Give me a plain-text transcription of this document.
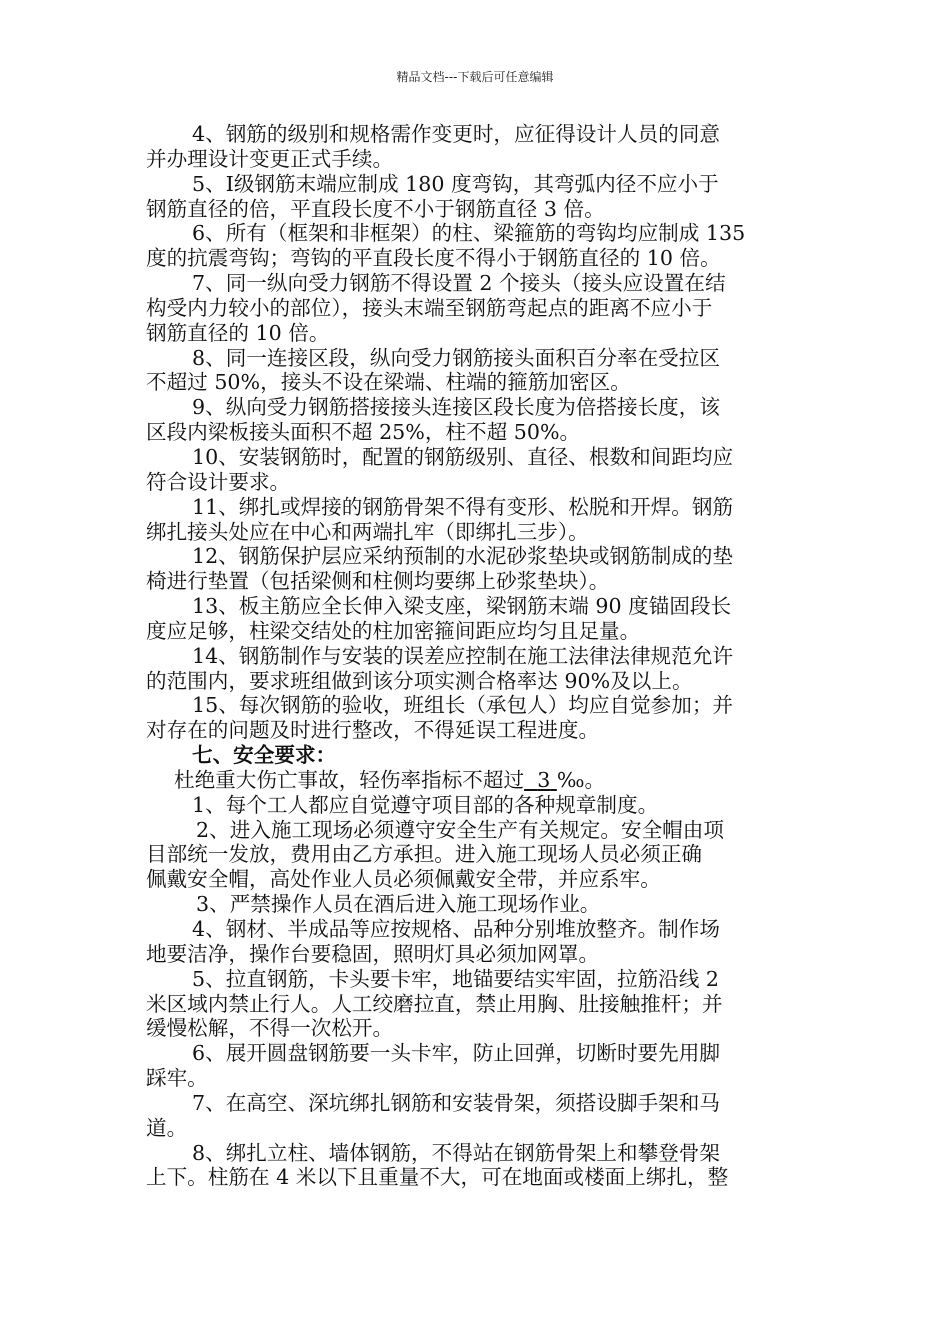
精品文档---下载后可任意编辑

4、钢筋的级别和规格需作变更时，应征得设计人员的同意

并办理设计变更正式手续。

5、Ⅰ级钢筋末端应制成 180 度弯钩，其弯弧内径不应小于

钢筋直径的倍，平直段长度不小于钢筋直径 3 倍。

6、所有（框架和非框架）的柱、梁箍筋的弯钩均应制成 135

度的抗震弯钩；弯钩的平直段长度不得小于钢筋直径的 10 倍。

7、同一纵向受力钢筋不得设置 2 个接头（接头应设置在结

构受内力较小的部位），接头末端至钢筋弯起点的距离不应小于

钢筋直径的 10 倍。

8、同一连接区段，纵向受力钢筋接头面积百分率在受拉区

不超过 50%，接头不设在梁端、柱端的箍筋加密区。

9、纵向受力钢筋搭接接头连接区段长度为倍搭接长度，该

区段内梁板接头面积不超 25%，柱不超 50%。

10、安装钢筋时，配置的钢筋级别、直径、根数和间距均应

符合设计要求。

11、绑扎或焊接的钢筋骨架不得有变形、松脱和开焊。钢筋

绑扎接头处应在中心和两端扎牢（即绑扎三步）。

12、钢筋保护层应采纳预制的水泥砂浆垫块或钢筋制成的垫

椅进行垫置（包括梁侧和柱侧均要绑上砂浆垫块）。

13、板主筋应全长伸入梁支座，梁钢筋末端 90 度锚固段长

度应足够，柱梁交结处的柱加密箍间距应均匀且足量。

14、钢筋制作与安装的误差应控制在施工法律法律规范允许

的范围内，要求班组做到该分项实测合格率达 90%及以上。

15、每次钢筋的验收，班组长（承包人）均应自觉参加；并

对存在的问题及时进行整改，不得延误工程进度。

七、安全要求：

杜绝重大伤亡事故，轻伤率指标不超过 3 ‰。

1、每个工人都应自觉遵守项目部的各种规章制度。

2、进入施工现场必须遵守安全生产有关规定。安全帽由项

目部统一发放，费用由乙方承担。进入施工现场人员必须正确

佩戴安全帽，高处作业人员必须佩戴安全带，并应系牢。

3、严禁操作人员在酒后进入施工现场作业。

4、钢材、半成品等应按规格、品种分别堆放整齐。制作场

地要洁净，操作台要稳固，照明灯具必须加网罩。

5、拉直钢筋，卡头要卡牢，地锚要结实牢固，拉筋沿线 2

米区域内禁止行人。人工绞磨拉直，禁止用胸、肚接触推杆；并

缓慢松解，不得一次松开。

6、展开圆盘钢筋要一头卡牢，防止回弹，切断时要先用脚

踩牢。

7、在高空、深坑绑扎钢筋和安装骨架，须搭设脚手架和马

道。

8、绑扎立柱、墙体钢筋，不得站在钢筋骨架上和攀登骨架

上下。柱筋在 4 米以下且重量不大，可在地面或楼面上绑扎，整
